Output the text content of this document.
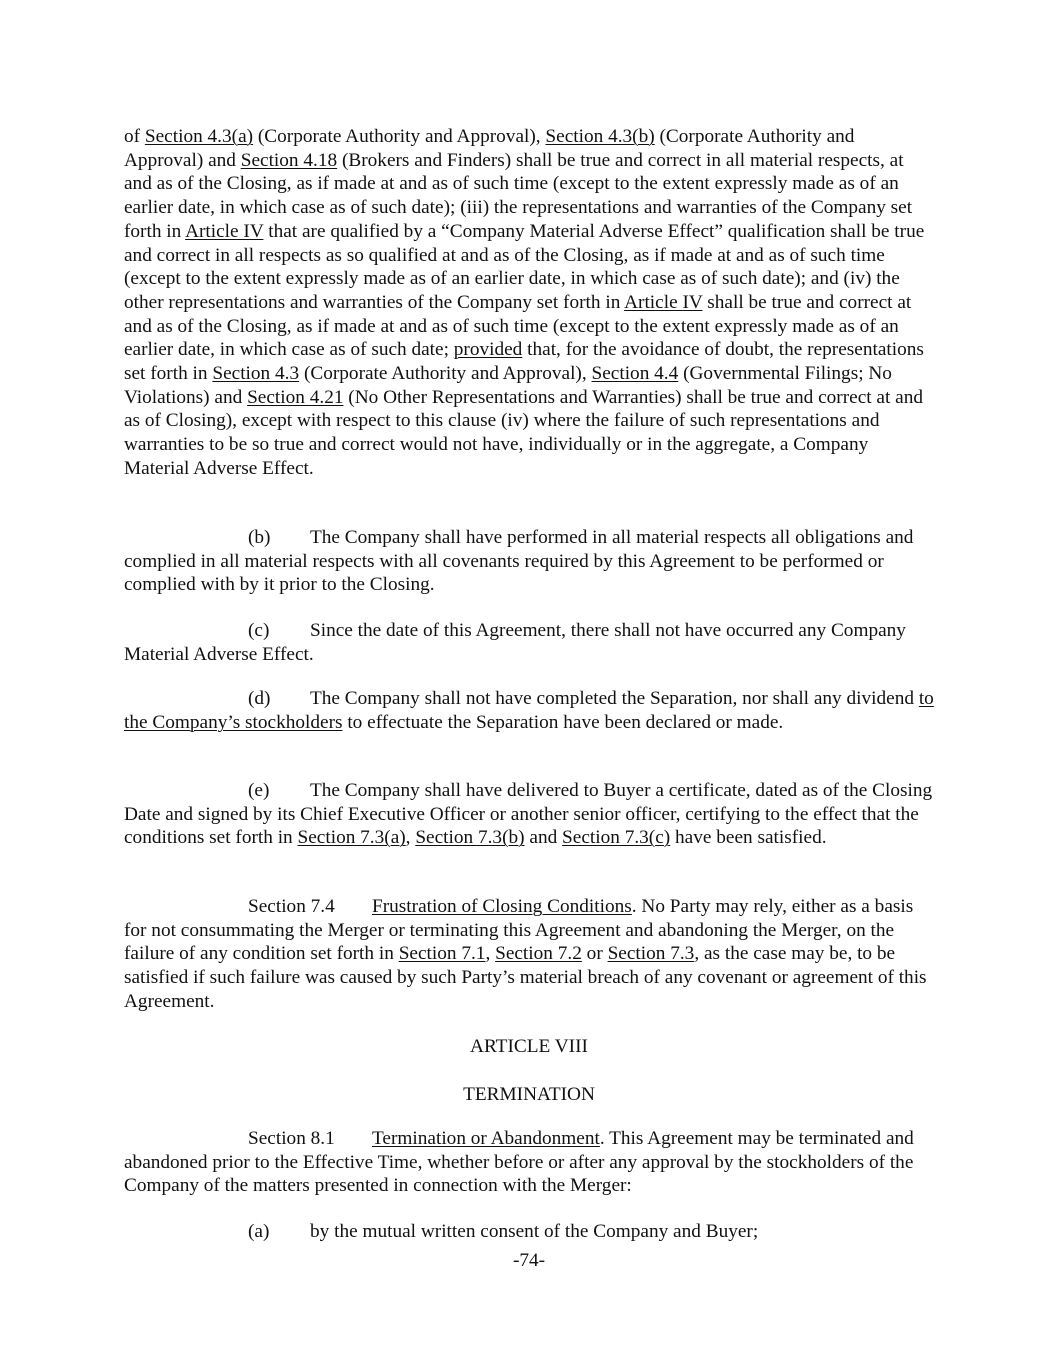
of Section 4.3(a) (Corporate Authority and Approval), Section 4.3(b) (Corporate Authority and Approval) and Section 4.18 (Brokers and Finders) shall be true and correct in all material respects, at and as of the Closing, as if made at and as of such time (except to the extent expressly made as of an earlier date, in which case as of such date); (iii) the representations and warranties of the Company set forth in Article IV that are qualified by a “Company Material Adverse Effect” qualification shall be true and correct in all respects as so qualified at and as of the Closing, as if made at and as of such time (except to the extent expressly made as of an earlier date, in which case as of such date); and (iv) the other representations and warranties of the Company set forth in Article IV shall be true and correct at and as of the Closing, as if made at and as of such time (except to the extent expressly made as of an earlier date, in which case as of such date; provided that, for the avoidance of doubt, the representations set forth in Section 4.3 (Corporate Authority and Approval), Section 4.4 (Governmental Filings; No Violations) and Section 4.21 (No Other Representations and Warranties) shall be true and correct at and as of Closing), except with respect to this clause (iv) where the failure of such representations and warranties to be so true and correct would not have, individually or in the aggregate, a Company Material Adverse Effect.

(b) The Company shall have performed in all material respects all obligations and complied in all material respects with all covenants required by this Agreement to be performed or complied with by it prior to the Closing.

(c) Since the date of this Agreement, there shall not have occurred any Company Material Adverse Effect.

(d) The Company shall not have completed the Separation, nor shall any dividend to the Company’s stockholders to effectuate the Separation have been declared or made.

(e) The Company shall have delivered to Buyer a certificate, dated as of the Closing Date and signed by its Chief Executive Officer or another senior officer, certifying to the effect that the conditions set forth in Section 7.3(a), Section 7.3(b) and Section 7.3(c) have been satisfied.

Section 7.4 Frustration of Closing Conditions. No Party may rely, either as a basis for not consummating the Merger or terminating this Agreement and abandoning the Merger, on the failure of any condition set forth in Section 7.1, Section 7.2 or Section 7.3, as the case may be, to be satisfied if such failure was caused by such Party’s material breach of any covenant or agreement of this Agreement.

ARTICLE VIII

TERMINATION

Section 8.1 Termination or Abandonment. This Agreement may be terminated and abandoned prior to the Effective Time, whether before or after any approval by the stockholders of the Company of the matters presented in connection with the Merger:

(a) by the mutual written consent of the Company and Buyer;

-74-
